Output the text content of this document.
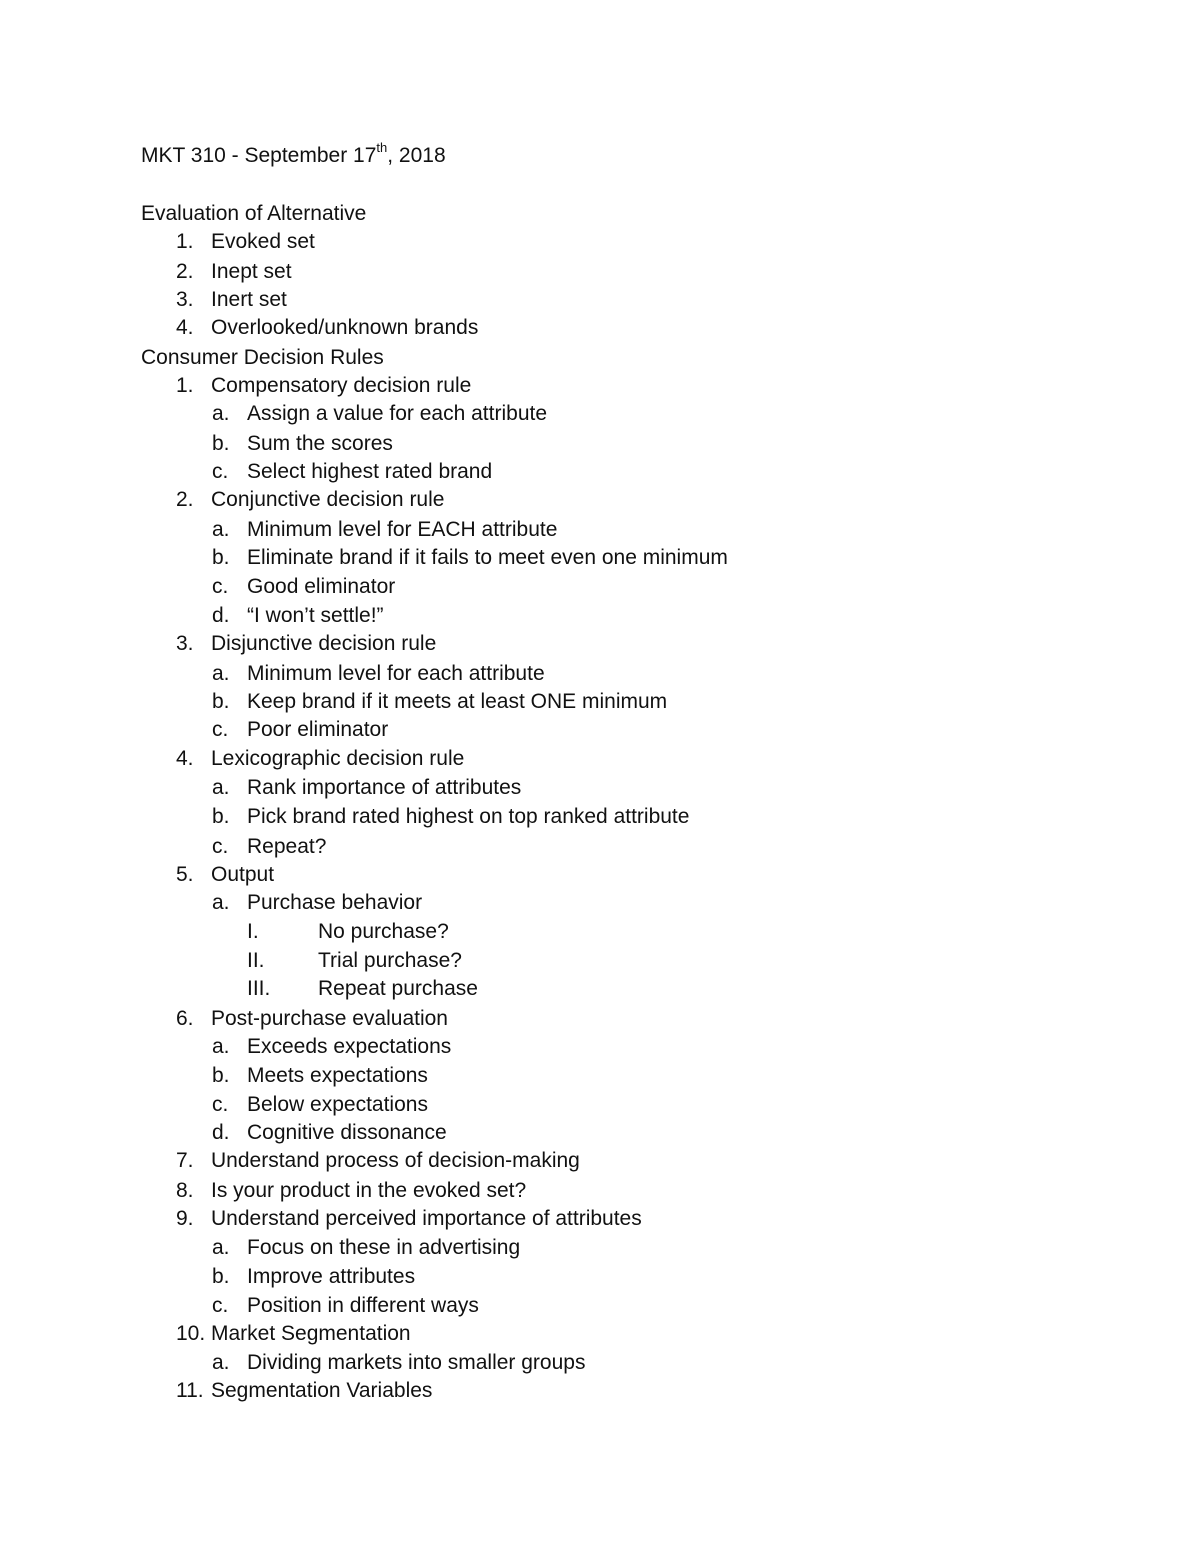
MKT 310 - September 17th, 2018
Evaluation of Alternative
1. Evoked set
2. Inept set
3. Inert set
4. Overlooked/unknown brands
Consumer Decision Rules
1. Compensatory decision rule
a. Assign a value for each attribute
b. Sum the scores
c. Select highest rated brand
2. Conjunctive decision rule
a. Minimum level for EACH attribute
b. Eliminate brand if it fails to meet even one minimum
c. Good eliminator
d. “I won’t settle!”
3. Disjunctive decision rule
a. Minimum level for each attribute
b. Keep brand if it meets at least ONE minimum
c. Poor eliminator
4. Lexicographic decision rule
a. Rank importance of attributes
b. Pick brand rated highest on top ranked attribute
c. Repeat?
5. Output
a. Purchase behavior
I.	No purchase?
II.	Trial purchase?
III. Repeat purchase
6. Post-purchase evaluation
a. Exceeds expectations
b. Meets expectations
c. Below expectations
d. Cognitive dissonance
7. Understand process of decision-making
8. Is your product in the evoked set?
9. Understand perceived importance of attributes
a. Focus on these in advertising
b. Improve attributes
c. Position in different ways
10. Market Segmentation
a. Dividing markets into smaller groups
11. Segmentation Variables
